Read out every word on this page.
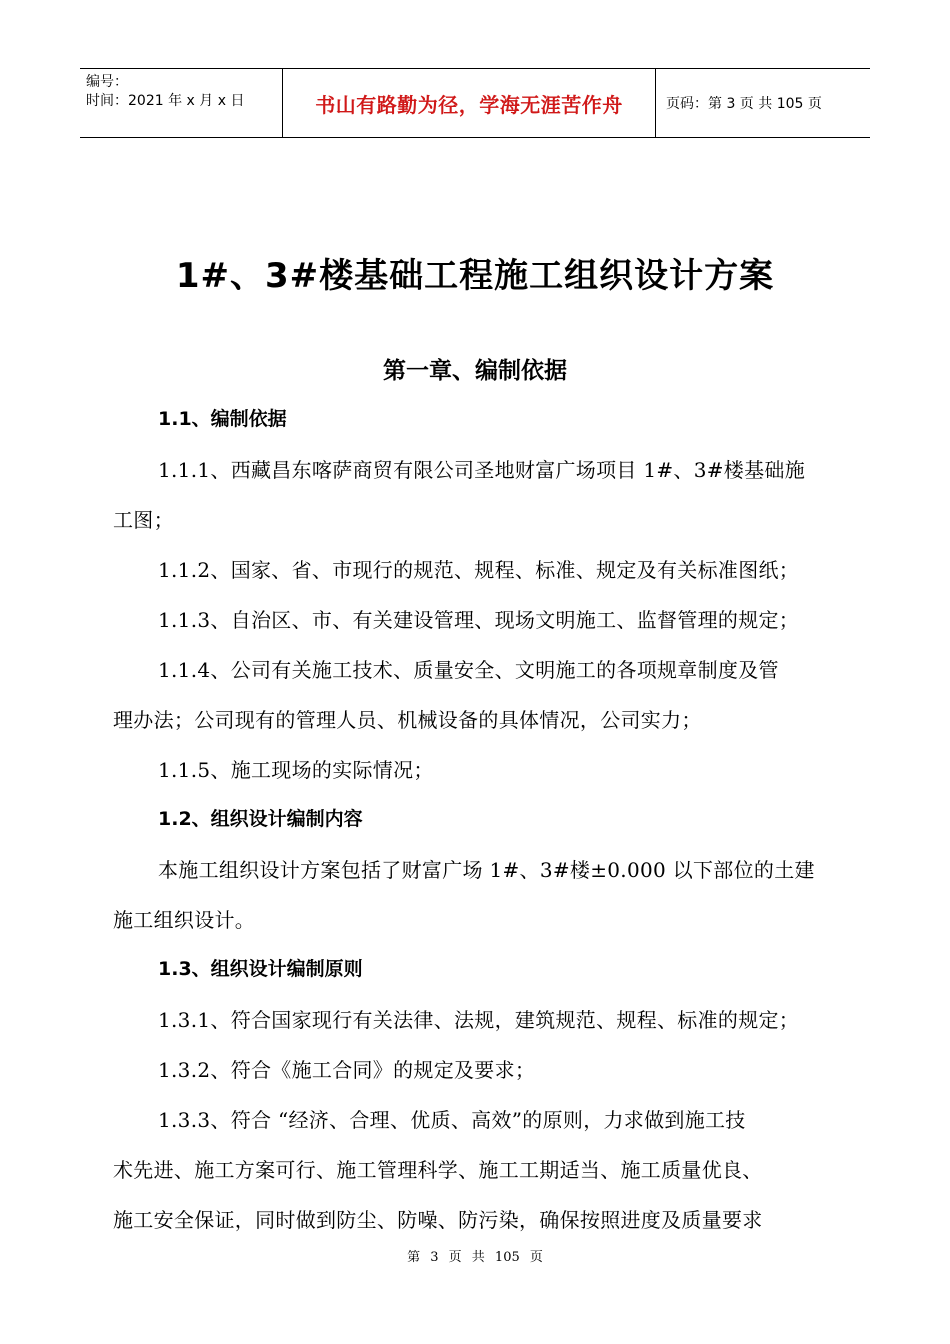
编号：
时间：2021 年 x 月 x 日	书山有路勤为径，学海无涯苦作舟	页码：第 3 页 共 105 页
1#、3#楼基础工程施工组织设计方案
第一章、编制依据
1.1、编制依据
1.1.1、西藏昌东喀萨商贸有限公司圣地财富广场项目 1#、3#楼基础施
工图；
1.1.2、国家、省、市现行的规范、规程、标准、规定及有关标准图纸；
1.1.3、自治区、市、有关建设管理、现场文明施工、监督管理的规定；
1.1.4、公司有关施工技术、质量安全、文明施工的各项规章制度及管
理办法；公司现有的管理人员、机械设备的具体情况，公司实力；
1.1.5、施工现场的实际情况；
1.2、组织设计编制内容
本施工组织设计方案包括了财富广场 1#、3#楼±0.000 以下部位的土建
施工组织设计。
1.3、组织设计编制原则
1.3.1、符合国家现行有关法律、法规，建筑规范、规程、标准的规定；
1.3.2、符合《施工合同》的规定及要求；
1.3.3、符合 “经济、合理、优质、高效”的原则，力求做到施工技
术先进、施工方案可行、施工管理科学、施工工期适当、施工质量优良、
施工安全保证，同时做到防尘、防噪、防污染，确保按照进度及质量要求
第 3 页 共 105 页
